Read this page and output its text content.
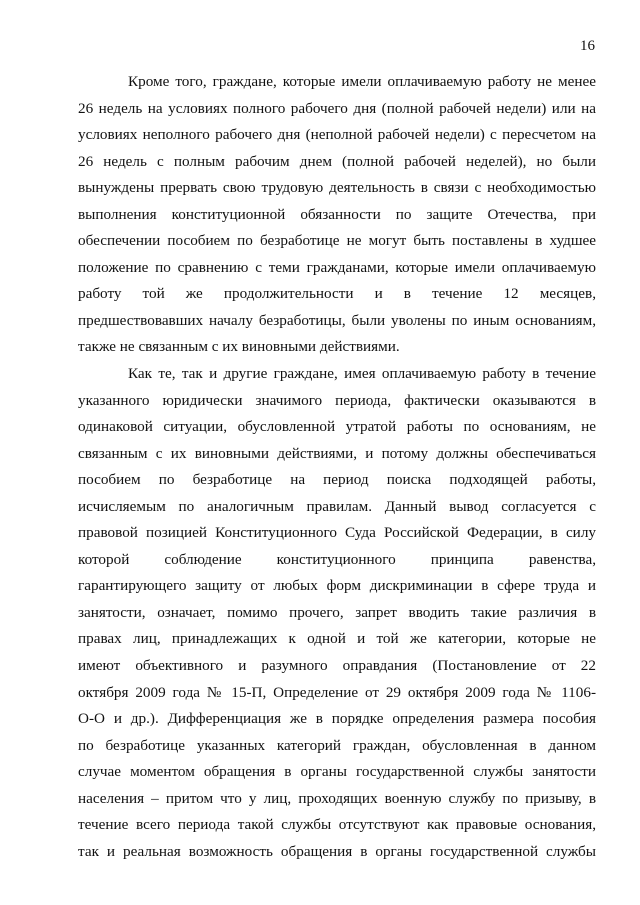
16
Кроме того, граждане, которые имели оплачиваемую работу не менее
26 недель на условиях полного рабочего дня (полной рабочей недели) или на
условиях неполного рабочего дня (неполной рабочей недели) с пересчетом на
26 недель с полным рабочим днем (полной рабочей неделей), но были
вынуждены прервать свою трудовую деятельность в связи с необходимостью
выполнения конституционной обязанности по защите Отечества, при
обеспечении пособием по безработице не могут быть поставлены в худшее
положение по сравнению с теми гражданами, которые имели оплачиваемую
работу той же продолжительности и в течение 12 месяцев,
предшествовавших началу безработицы, были уволены по иным основаниям,
также не связанным с их виновными действиями.
Как те, так и другие граждане, имея оплачиваемую работу в течение
указанного юридически значимого периода, фактически оказываются в
одинаковой ситуации, обусловленной утратой работы по основаниям, не
связанным с их виновными действиями, и потому должны обеспечиваться
пособием по безработице на период поиска подходящей работы,
исчисляемым по аналогичным правилам. Данный вывод согласуется с
правовой позицией Конституционного Суда Российской Федерации, в силу
которой соблюдение конституционного принципа равенства,
гарантирующего защиту от любых форм дискриминации в сфере труда и
занятости, означает, помимо прочего, запрет вводить такие различия в
правах лиц, принадлежащих к одной и той же категории, которые не
имеют объективного и разумного оправдания (Постановление от 22
октября 2009 года № 15-П, Определение от 29 октября 2009 года № 1106-
О-О и др.). Дифференциация же в порядке определения размера пособия
по безработице указанных категорий граждан, обусловленная в данном
случае моментом обращения в органы государственной службы занятости
населения – притом что у лиц, проходящих военную службу по призыву, в
течение всего периода такой службы отсутствуют как правовые основания,
так и реальная возможность обращения в органы государственной службы
